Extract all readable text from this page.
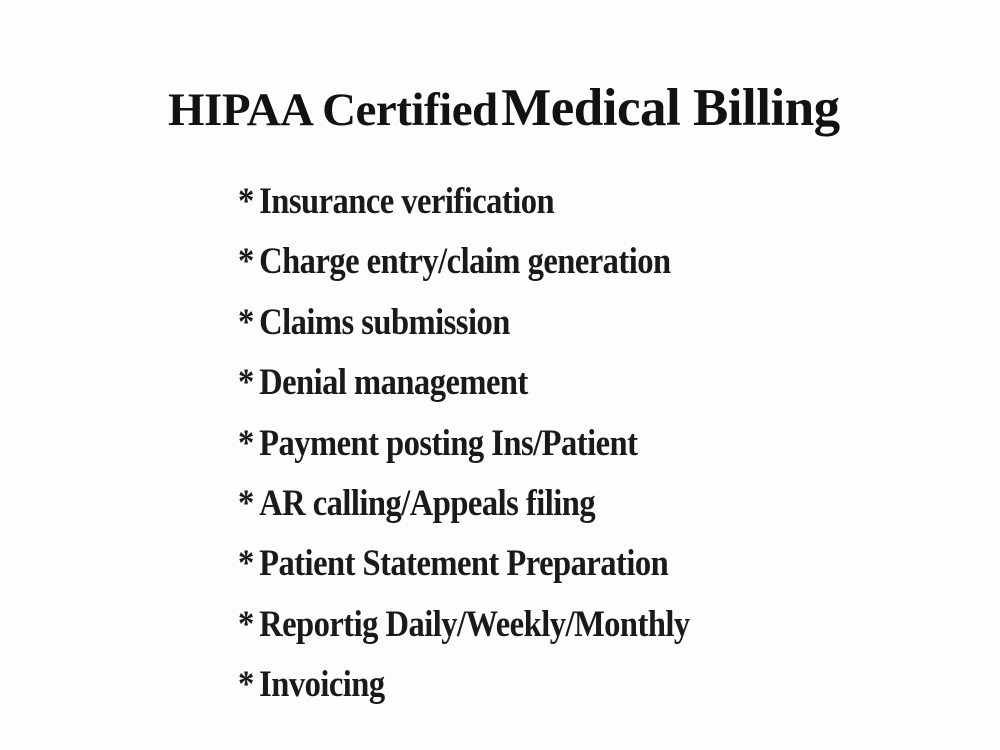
HIPAA Certified Medical Billing
* Insurance verification
* Charge entry/claim generation
* Claims submission
* Denial management
* Payment posting Ins/Patient
* AR calling/Appeals filing
* Patient Statement Preparation
* Reportig Daily/Weekly/Monthly
* Invoicing
